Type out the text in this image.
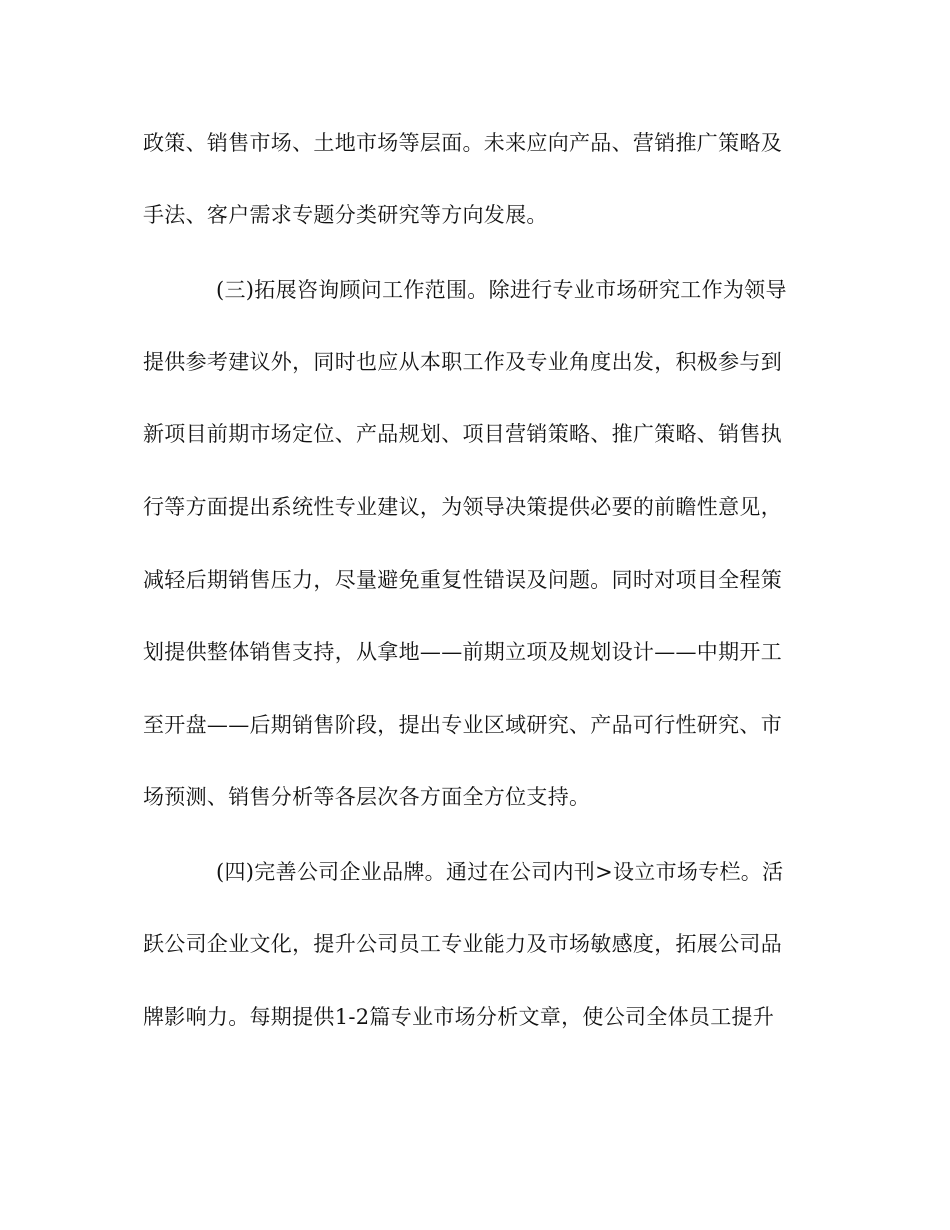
政策、销售市场、土地市场等层面。未来应向产品、营销推广策略及
手法、客户需求专题分类研究等方向发展。
(三)拓展咨询顾问工作范围。除进行专业市场研究工作为领导
提供参考建议外，同时也应从本职工作及专业角度出发，积极参与到
新项目前期市场定位、产品规划、项目营销策略、推广策略、销售执
行等方面提出系统性专业建议，为领导决策提供必要的前瞻性意见，
减轻后期销售压力，尽量避免重复性错误及问题。同时对项目全程策
划提供整体销售支持，从拿地——前期立项及规划设计——中期开工
至开盘——后期销售阶段，提出专业区域研究、产品可行性研究、市
场预测、销售分析等各层次各方面全方位支持。
(四)完善公司企业品牌。通过在公司内刊>设立市场专栏。活
跃公司企业文化，提升公司员工专业能力及市场敏感度，拓展公司品
牌影响力。每期提供1-2篇专业市场分析文章，使公司全体员工提升
